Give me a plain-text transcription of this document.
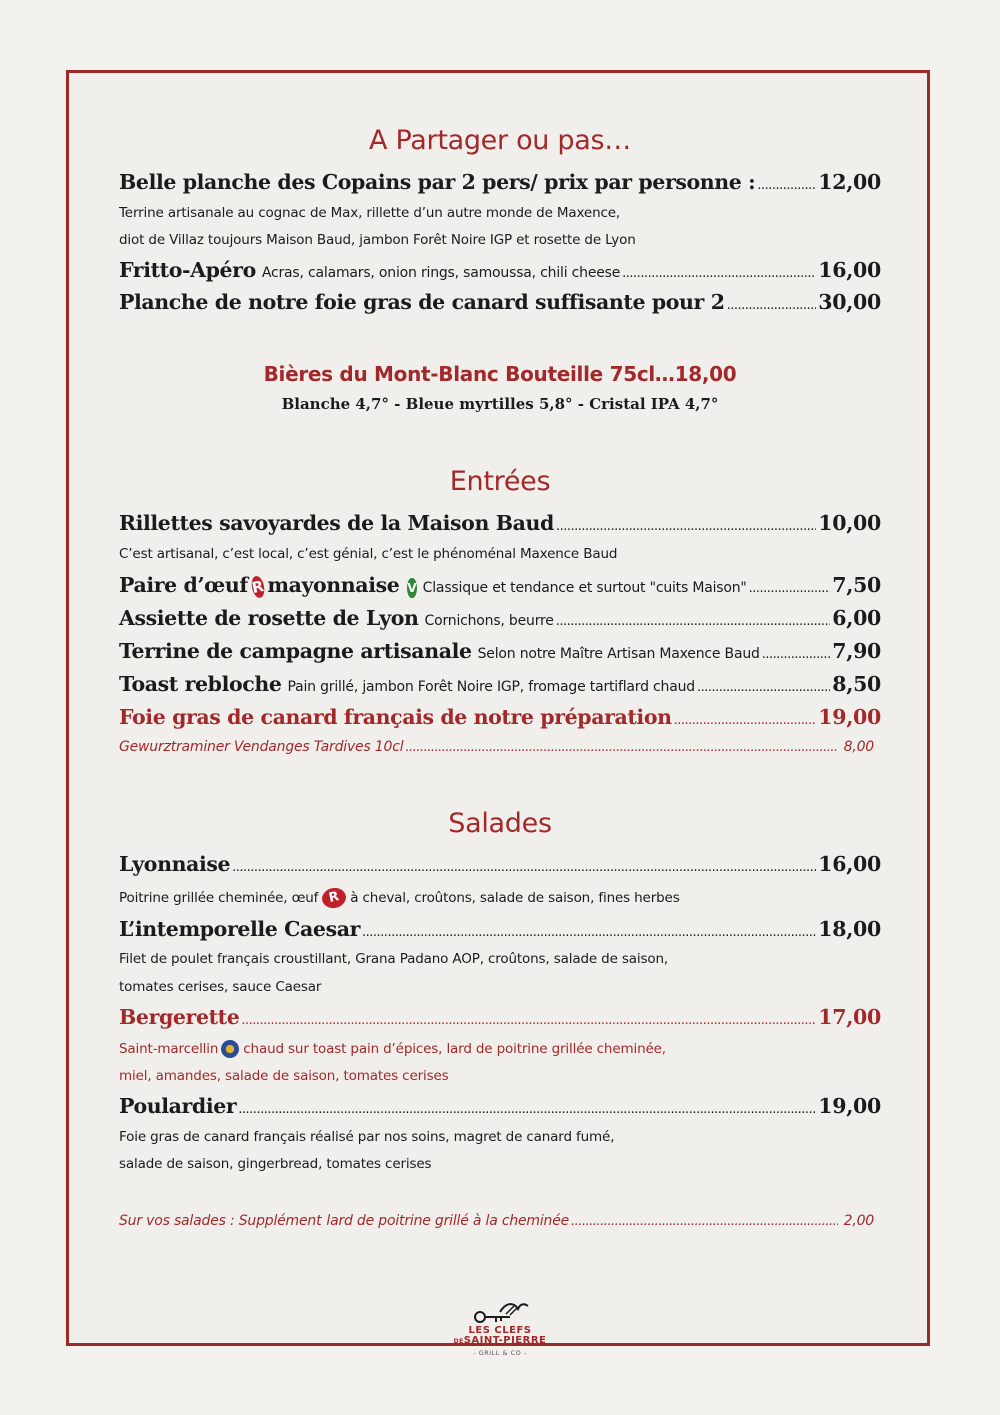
A Partager ou pas…
Belle planche des Copains par 2 pers/ prix par personne : .....	12,00
Terrine artisanale au cognac de Max, rillette d’un autre monde de Maxence,
diot de Villaz toujours Maison Baud, jambon Forêt Noire IGP et rosette de Lyon
Fritto-Apéro Acras, calamars, onion rings, samoussa, chili cheese .....	16,00
Planche de notre foie gras de canard suffisante pour 2 .....	30,00
Bières du Mont-Blanc Bouteille 75cl…18,00
Blanche 4,7° - Bleue myrtilles 5,8° - Cristal IPA 4,7°
Entrées
Rillettes savoyardes de la Maison Baud .....	10,00
C’est artisanal, c’est local, c’est génial, c’est le phénoménal Maxence Baud
Paire d’œuf R mayonnaise V Classique et tendance et surtout "cuits Maison" .....	7,50
Assiette de rosette de Lyon Cornichons, beurre .....	6,00
Terrine de campagne artisanale Selon notre Maître Artisan Maxence Baud .....	7,90
Toast rebloche Pain grillé, jambon Forêt Noire IGP, fromage tartiflard chaud .....	8,50
Foie gras de canard français de notre préparation .....	19,00
Gewurztraminer Vendanges Tardives 10cl .....	8,00
Salades
Lyonnaise .....	16,00
Poitrine grillée cheminée, œuf R à cheval, croûtons, salade de saison, fines herbes
L’intemporelle Caesar .....	18,00
Filet de poulet français croustillant, Grana Padano AOP, croûtons, salade de saison,
tomates cerises, sauce Caesar
Bergerette .....	17,00
Saint-marcellin chaud sur toast pain d’épices, lard de poitrine grillée cheminée,
miel, amandes, salade de saison, tomates cerises
Poulardier .....	19,00
Foie gras de canard français réalisé par nos soins, magret de canard fumé,
salade de saison, gingerbread, tomates cerises
Sur vos salades : Supplément lard de poitrine grillé à la cheminée .....	2,00
LES CLEFS
DESAINT-PIERRE
- GRILL & CO -
